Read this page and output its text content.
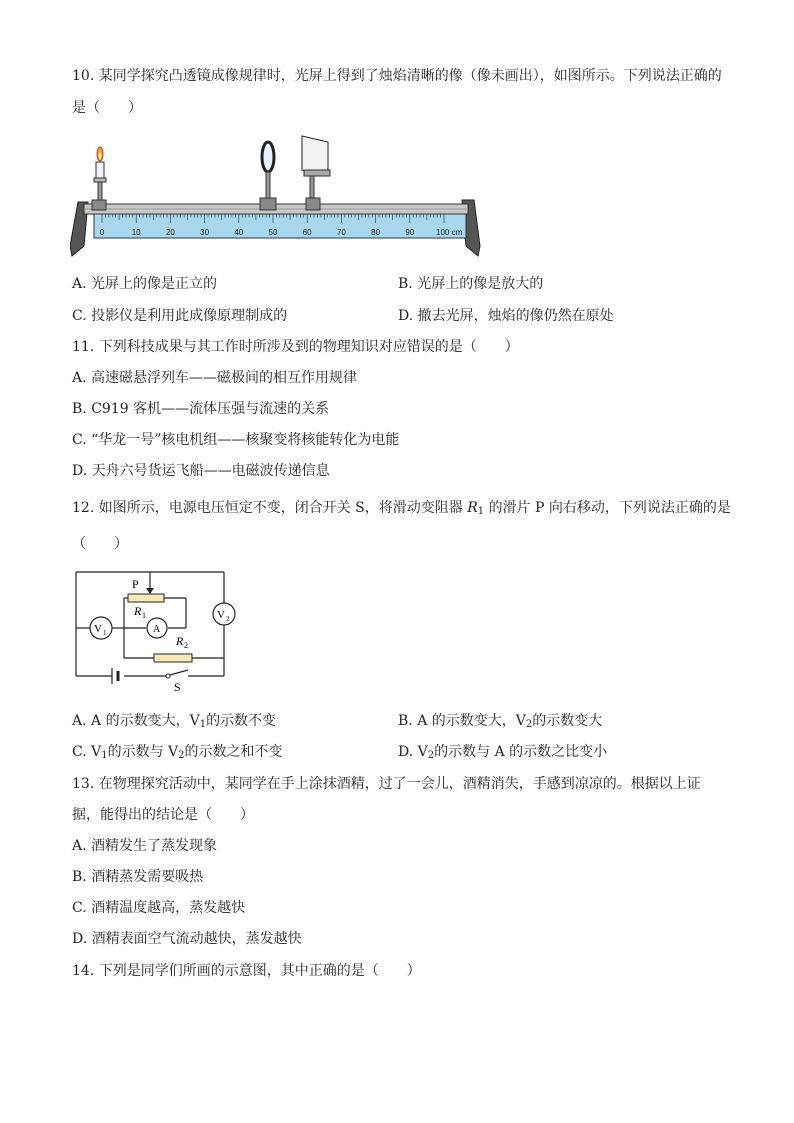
10. 某同学探究凸透镜成像规律时，光屏上得到了烛焰清晰的像（像未画出），如图所示。下列说法正确的
是（　　）
0	10	20	30	40	50	60	70	80	90	100 cm
A. 光屏上的像是正立的	B. 光屏上的像是放大的
C. 投影仪是利用此成像原理制成的	D. 撤去光屏，烛焰的像仍然在原处
11. 下列科技成果与其工作时所涉及到的物理知识对应错误的是（　　）
A. 高速磁悬浮列车——磁极间的相互作用规律
B. C919 客机——流体压强与流速的关系
C. “华龙一号”核电机组——核聚变将核能转化为电能
D. 天舟六号货运飞船——电磁波传递信息
12. 如图所示，电源电压恒定不变，闭合开关 S，将滑动变阻器 $R_1$ 的滑片 P 向右移动，下列说法正确的是
（　　）
P
R 1
R 2
A
V 1
V 2
S
A. A 的示数变大，$V_1$的示数不变	B. A 的示数变大，$V_2$的示数变大
C. $V_1$的示数与 $V_2$的示数之和不变	D. $V_2$的示数与 A 的示数之比变小
13. 在物理探究活动中，某同学在手上涂抹酒精，过了一会儿，酒精消失，手感到凉凉的。根据以上证
据，能得出的结论是（　　）
A. 酒精发生了蒸发现象
B. 酒精蒸发需要吸热
C. 酒精温度越高，蒸发越快
D. 酒精表面空气流动越快，蒸发越快
14. 下列是同学们所画的示意图，其中正确的是（　　）
